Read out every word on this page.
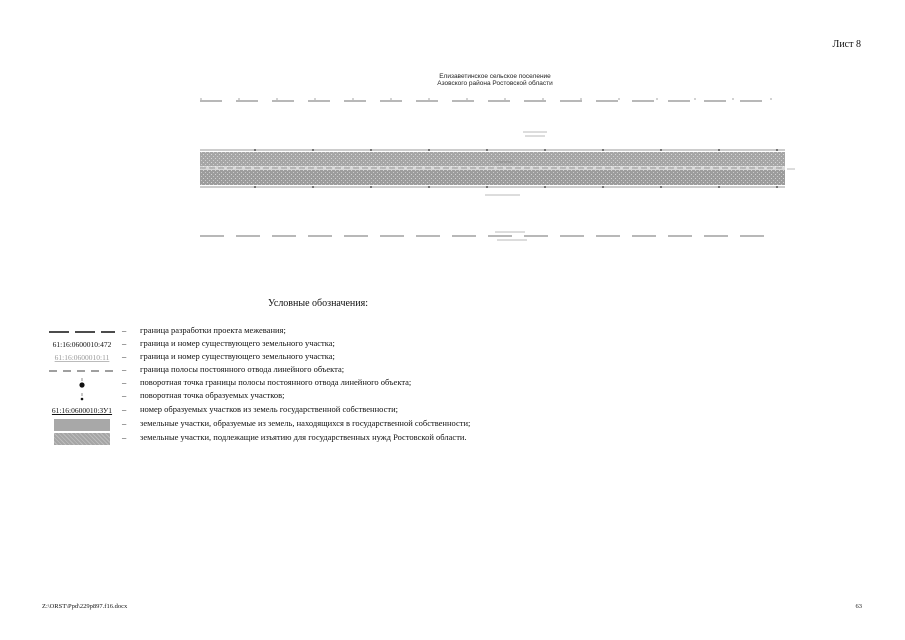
Лист 8
Елизаветинское сельское поселение
Азовского района Ростовской области
Условные обозначения:
– граница разработки проекта межевания;
61:16:0600010:472 – граница и номер существующего земельного участка;
61:16:0600010:11 – граница и номер существующего земельного участка;
– граница полосы постоянного отвода линейного объекта;
– поворотная точка границы полосы постоянного отвода линейного объекта;
– поворотная точка образуемых участков;
61:16:0600010:ЗУ1 – номер образуемых участков из земель государственной собственности;
– земельные участки, образуемые из земель, находящихся в государственной собственности;
– земельные участки, подлежащие изъятию для государственных нужд Ростовской области.
Z:\ORST\Ppd\229p897.f16.docx	63
